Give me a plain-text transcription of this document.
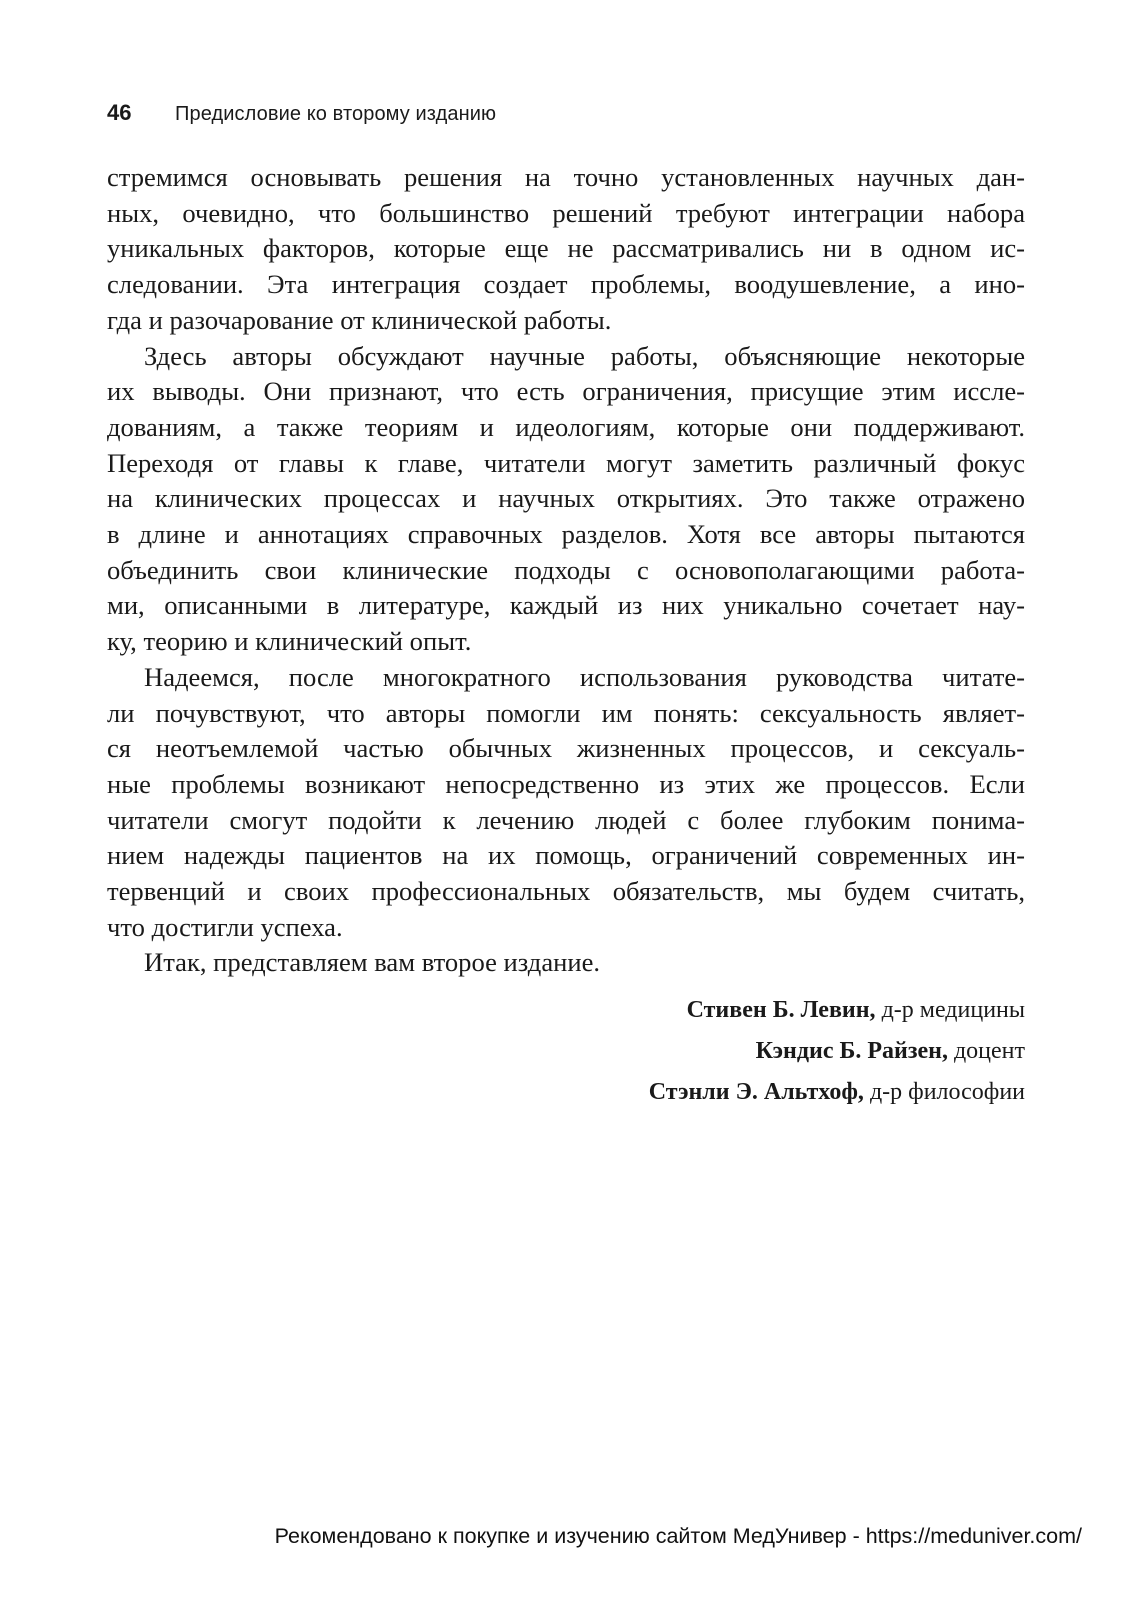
46	Предисловие ко второму изданию

стремимся основывать решения на точно установленных научных дан-
ных, очевидно, что большинство решений требуют интеграции набора
уникальных факторов, которые еще не рассматривались ни в одном ис-
следовании. Эта интеграция создает проблемы, воодушевление, а ино-
гда и разочарование от клинической работы.

Здесь авторы обсуждают научные работы, объясняющие некоторые
их выводы. Они признают, что есть ограничения, присущие этим иссле-
дованиям, а также теориям и идеологиям, которые они поддерживают.
Переходя от главы к главе, читатели могут заметить различный фокус
на клинических процессах и научных открытиях. Это также отражено
в длине и аннотациях справочных разделов. Хотя все авторы пытаются
объединить свои клинические подходы с основополагающими работа-
ми, описанными в литературе, каждый из них уникально сочетает нау-
ку, теорию и клинический опыт.

Надеемся, после многократного использования руководства читате-
ли почувствуют, что авторы помогли им понять: сексуальность являет-
ся неотъемлемой частью обычных жизненных процессов, и сексуаль-
ные проблемы возникают непосредственно из этих же процессов. Если
читатели смогут подойти к лечению людей с более глубоким понима-
нием надежды пациентов на их помощь, ограничений современных ин-
тервенций и своих профессиональных обязательств, мы будем считать,
что достигли успеха.

Итак, представляем вам второе издание.

Стивен Б. Левин, д-р медицины
Кэндис Б. Райзен, доцент
Стэнли Э. Альтхоф, д-р философии
Рекомендовано к покупке и изучению сайтом МедУнивер - https://meduniver.com/
